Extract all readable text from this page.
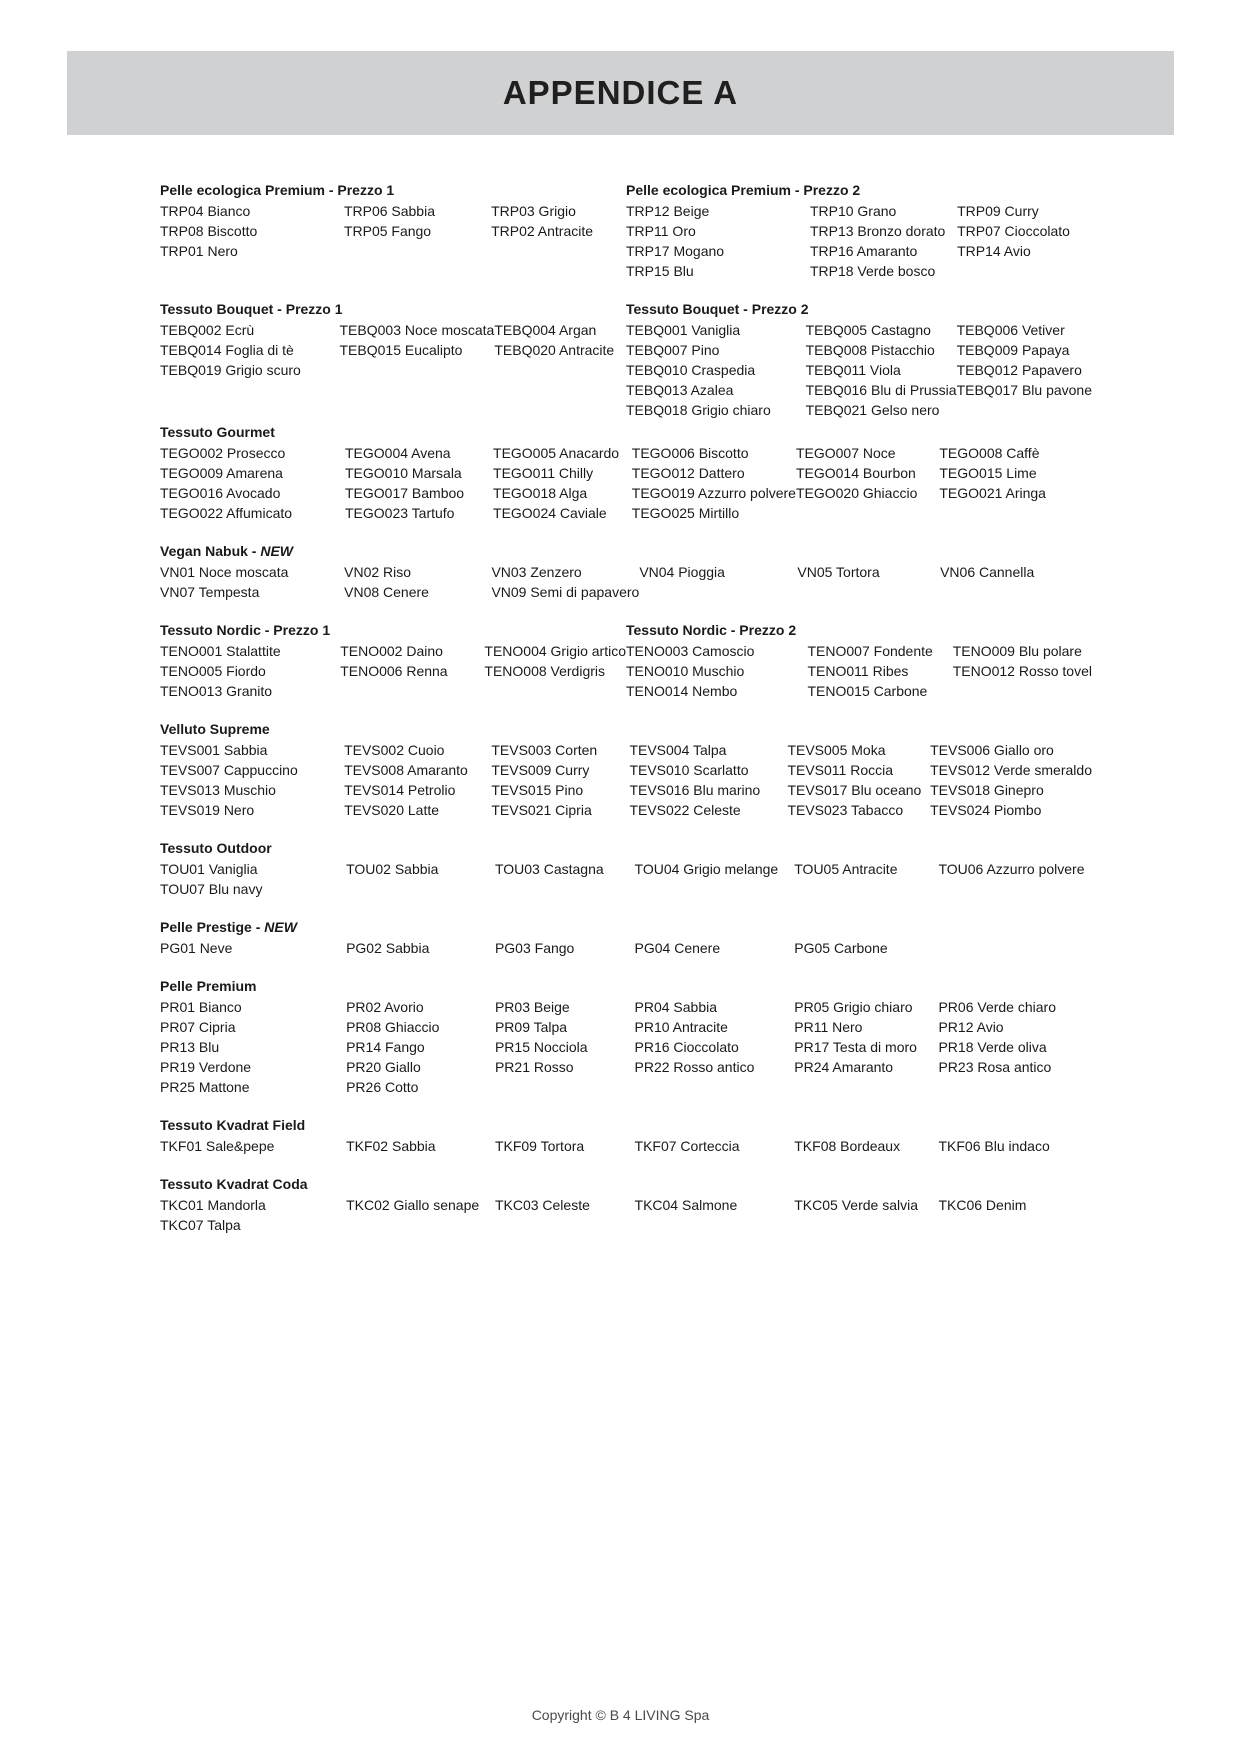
APPENDICE A
Pelle ecologica Premium - Prezzo 1
TRP04 Bianco	TRP06 Sabbia	TRP03 Grigio
TRP08 Biscotto	TRP05 Fango	TRP02 Antracite
TRP01 Nero
Pelle ecologica Premium - Prezzo 2
TRP12 Beige	TRP10 Grano	TRP09 Curry
TRP11 Oro	TRP13 Bronzo dorato TRP07 Cioccolato
TRP17 Mogano	TRP16 Amaranto	TRP14 Avio
TRP15 Blu	TRP18 Verde bosco
Tessuto Bouquet - Prezzo 1
TEBQ002 Ecrù	TEBQ003 Noce moscata TEBQ004 Argan
TEBQ014 Foglia di tè	TEBQ015 Eucalipto	TEBQ020 Antracite
TEBQ019 Grigio scuro
Tessuto Bouquet - Prezzo 2
TEBQ001 Vaniglia	TEBQ005 Castagno	TEBQ006 Vetiver
TEBQ007 Pino	TEBQ008 Pistacchio	TEBQ009 Papaya
TEBQ010 Craspedia	TEBQ011 Viola	TEBQ012 Papavero
TEBQ013 Azalea	TEBQ016 Blu di Prussia TEBQ017 Blu pavone
TEBQ018 Grigio chiaro	TEBQ021 Gelso nero
Tessuto Gourmet
TEGO002 Prosecco	TEGO004 Avena	TEGO005 Anacardo TEGO006 Biscotto	TEGO007 Noce	TEGO008 Caffè
TEGO009 Amarena	TEGO010 Marsala	TEGO011 Chilly	TEGO012 Dattero	TEGO014 Bourbon	TEGO015 Lime
TEGO016 Avocado	TEGO017 Bamboo	TEGO018 Alga	TEGO019 Azzurro polvere TEGO020 Ghiaccio	TEGO021 Aringa
TEGO022 Affumicato	TEGO023 Tartufo	TEGO024 Caviale	TEGO025 Mirtillo
Vegan Nabuk - NEW
VN01 Noce moscata	VN02 Riso	VN03 Zenzero	VN04 Pioggia	VN05 Tortora	VN06 Cannella
VN07 Tempesta	VN08 Cenere	VN09 Semi di papavero
Tessuto Nordic - Prezzo 1
TENO001 Stalattite	TENO002 Daino	TENO004 Grigio artico
TENO005 Fiordo	TENO006 Renna	TENO008 Verdigris
TENO013 Granito
Tessuto Nordic - Prezzo 2
TENO003 Camoscio	TENO007 Fondente	TENO009 Blu polare
TENO010 Muschio	TENO011 Ribes	TENO012 Rosso tovel
TENO014 Nembo	TENO015 Carbone
Velluto Supreme
TEVS001 Sabbia	TEVS002 Cuoio	TEVS003 Corten	TEVS004 Talpa	TEVS005 Moka	TEVS006 Giallo oro
TEVS007 Cappuccino	TEVS008 Amaranto	TEVS009 Curry	TEVS010 Scarlatto	TEVS011 Roccia	TEVS012 Verde smeraldo
TEVS013 Muschio	TEVS014 Petrolio	TEVS015 Pino	TEVS016 Blu marino	TEVS017 Blu oceano TEVS018 Ginepro
TEVS019 Nero	TEVS020 Latte	TEVS021 Cipria	TEVS022 Celeste	TEVS023 Tabacco	TEVS024 Piombo
Tessuto Outdoor
TOU01 Vaniglia	TOU02 Sabbia	TOU03 Castagna	TOU04 Grigio melange	TOU05 Antracite	TOU06 Azzurro polvere
TOU07 Blu navy
Pelle Prestige - NEW
PG01 Neve	PG02 Sabbia	PG03 Fango	PG04 Cenere	PG05 Carbone
Pelle Premium
PR01 Bianco	PR02 Avorio	PR03 Beige	PR04 Sabbia	PR05 Grigio chiaro	PR06 Verde chiaro
PR07 Cipria	PR08 Ghiaccio	PR09 Talpa	PR10 Antracite	PR11 Nero	PR12 Avio
PR13 Blu	PR14 Fango	PR15 Nocciola	PR16 Cioccolato	PR17 Testa di moro	PR18 Verde oliva
PR19 Verdone	PR20 Giallo	PR21 Rosso	PR22 Rosso antico	PR24 Amaranto	PR23 Rosa antico
PR25 Mattone	PR26 Cotto
Tessuto Kvadrat Field
TKF01 Sale&pepe	TKF02 Sabbia	TKF09 Tortora	TKF07 Corteccia	TKF08 Bordeaux	TKF06 Blu indaco
Tessuto Kvadrat Coda
TKC01 Mandorla	TKC02 Giallo senape	TKC03 Celeste	TKC04 Salmone	TKC05 Verde salvia	TKC06 Denim
TKC07 Talpa
Copyright © B 4 LIVING Spa
